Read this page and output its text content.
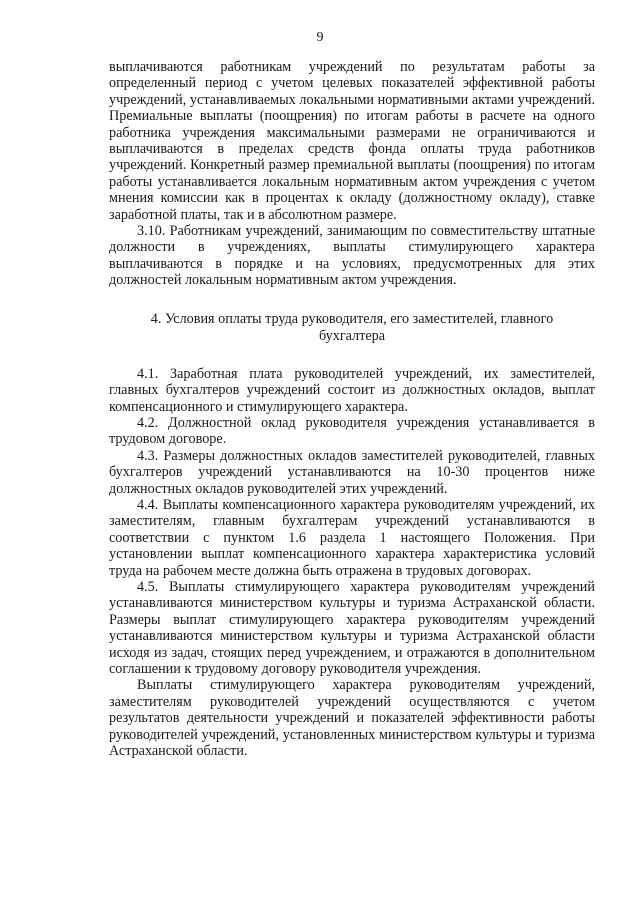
9

выплачиваются работникам учреждений по результатам работы за определенный период с учетом целевых показателей эффективной работы учреждений, устанавливаемых локальными нормативными актами учреждений. Премиальные выплаты (поощрения) по итогам работы в расчете на одного работника учреждения максимальными размерами не ограничиваются и выплачиваются в пределах средств фонда оплаты труда работников учреждений. Конкретный размер премиальной выплаты (поощрения) по итогам работы устанавливается локальным нормативным актом учреждения с учетом мнения комиссии как в процентах к окладу (должностному окладу), ставке заработной платы, так и в абсолютном размере.

3.10. Работникам учреждений, занимающим по совместительству штатные должности в учреждениях, выплаты стимулирующего характера выплачиваются в порядке и на условиях, предусмотренных для этих должностей локальным нормативным актом учреждения.

4. Условия оплаты труда руководителя, его заместителей, главного бухгалтера

4.1. Заработная плата руководителей учреждений, их заместителей, главных бухгалтеров учреждений состоит из должностных окладов, выплат компенсационного и стимулирующего характера.

4.2. Должностной оклад руководителя учреждения устанавливается в трудовом договоре.

4.3. Размеры должностных окладов заместителей руководителей, главных бухгалтеров учреждений устанавливаются на 10-30 процентов ниже должностных окладов руководителей этих учреждений.

4.4. Выплаты компенсационного характера руководителям учреждений, их заместителям, главным бухгалтерам учреждений устанавливаются в соответствии с пунктом 1.6 раздела 1 настоящего Положения. При установлении выплат компенсационного характера характеристика условий труда на рабочем месте должна быть отражена в трудовых договорах.

4.5. Выплаты стимулирующего характера руководителям учреждений устанавливаются министерством культуры и туризма Астраханской области. Размеры выплат стимулирующего характера руководителям учреждений устанавливаются министерством культуры и туризма Астраханской области исходя из задач, стоящих перед учреждением, и отражаются в дополнительном соглашении к трудовому договору руководителя учреждения.

Выплаты стимулирующего характера руководителям учреждений, заместителям руководителей учреждений осуществляются с учетом результатов деятельности учреждений и показателей эффективности работы руководителей учреждений, установленных министерством культуры и туризма Астраханской области.
